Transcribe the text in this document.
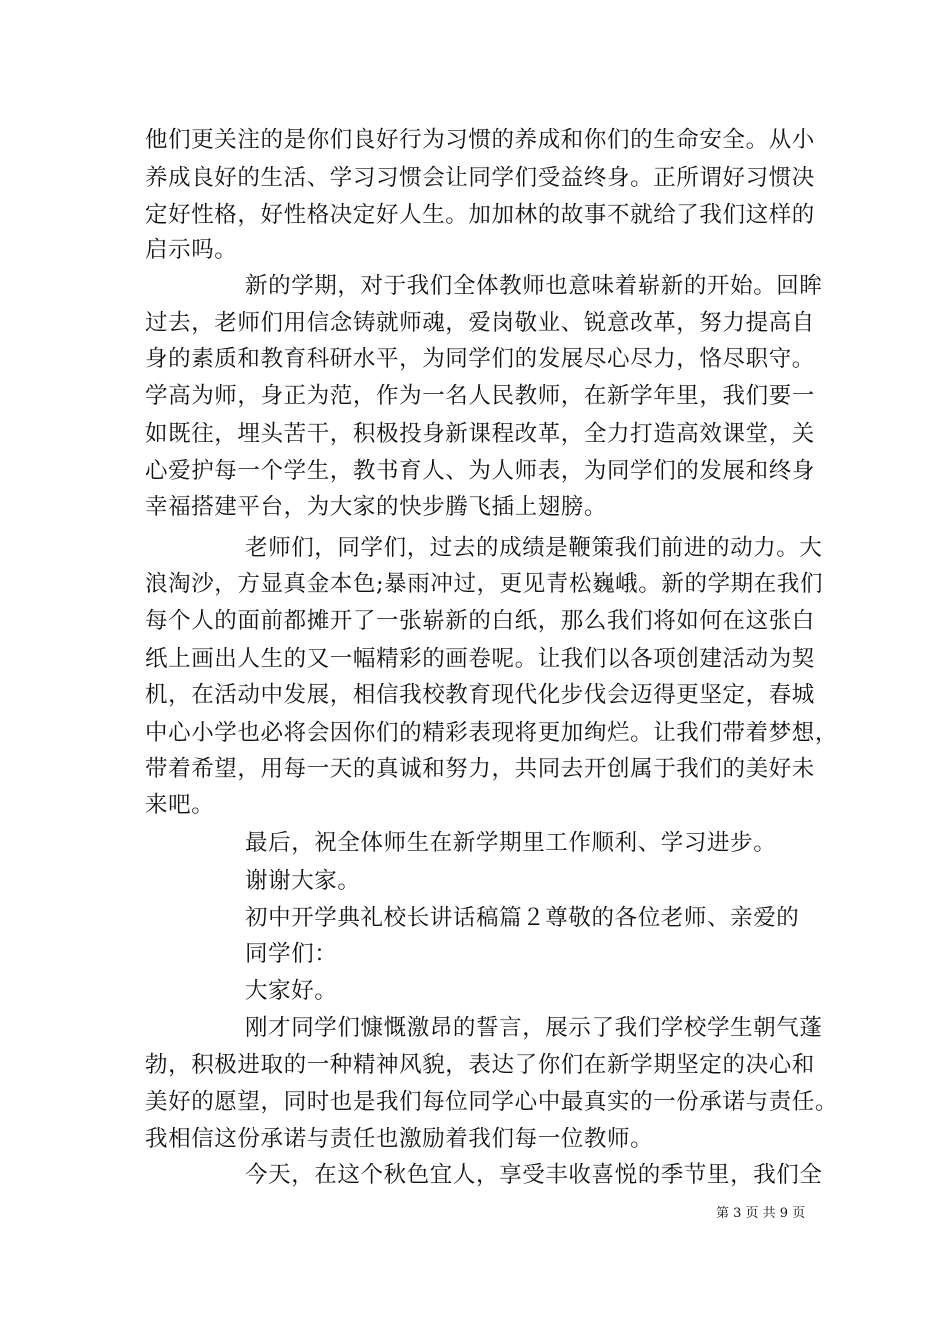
他们更关注的是你们良好行为习惯的养成和你们的生命安全。从小
养成良好的生活、学习习惯会让同学们受益终身。正所谓好习惯决
定好性格，好性格决定好人生。加加林的故事不就给了我们这样的
启示吗。
新的学期，对于我们全体教师也意味着崭新的开始。回眸
过去，老师们用信念铸就师魂，爱岗敬业、锐意改革，努力提高自
身的素质和教育科研水平，为同学们的发展尽心尽力，恪尽职守。
学高为师，身正为范，作为一名人民教师，在新学年里，我们要一
如既往，埋头苦干，积极投身新课程改革，全力打造高效课堂，关
心爱护每一个学生，教书育人、为人师表，为同学们的发展和终身
幸福搭建平台，为大家的快步腾飞插上翅膀。
老师们，同学们，过去的成绩是鞭策我们前进的动力。大
浪淘沙，方显真金本色;暴雨冲过，更见青松巍峨。新的学期在我们
每个人的面前都摊开了一张崭新的白纸，那么我们将如何在这张白
纸上画出人生的又一幅精彩的画卷呢。让我们以各项创建活动为契
机，在活动中发展，相信我校教育现代化步伐会迈得更坚定，春城
中心小学也必将会因你们的精彩表现将更加绚烂。让我们带着梦想，
带着希望，用每一天的真诚和努力，共同去开创属于我们的美好未
来吧。
最后，祝全体师生在新学期里工作顺利、学习进步。
谢谢大家。
初中开学典礼校长讲话稿篇２尊敬的各位老师、亲爱的
同学们：
大家好。
刚才同学们慷慨激昂的誓言，展示了我们学校学生朝气蓬
勃，积极进取的一种精神风貌，表达了你们在新学期坚定的决心和
美好的愿望，同时也是我们每位同学心中最真实的一份承诺与责任。
我相信这份承诺与责任也激励着我们每一位教师。
今天，在这个秋色宜人，享受丰收喜悦的季节里，我们全
第 3 页 共 9 页
